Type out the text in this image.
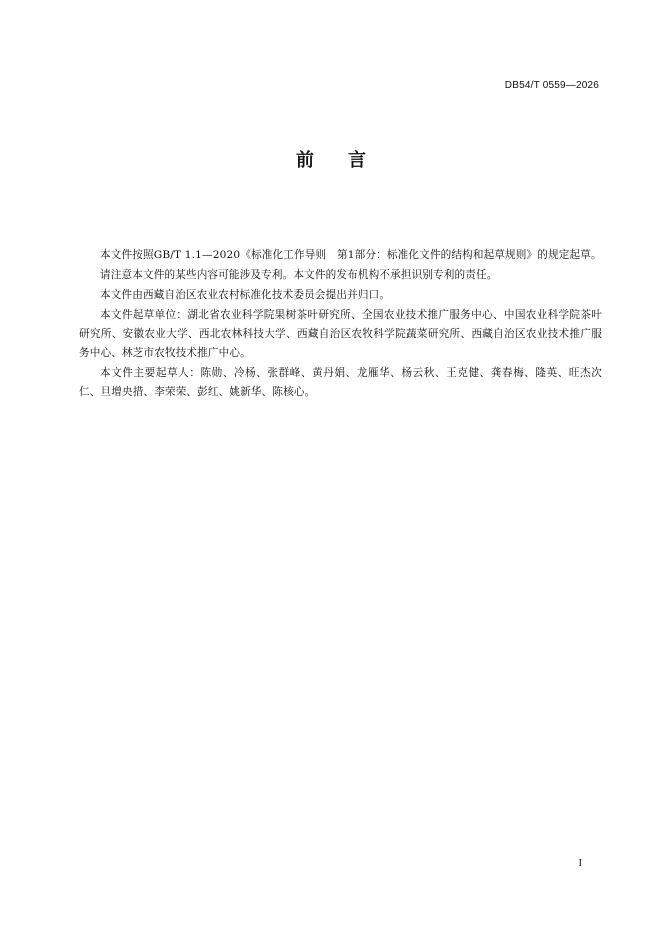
DB54/T 0559—2026
前 言

本文件按照GB/T 1.1—2020《标准化工作导则　第1部分：标准化文件的结构和起草规则》的规定起草。

请注意本文件的某些内容可能涉及专利。本文件的发布机构不承担识别专利的责任。

本文件由西藏自治区农业农村标准化技术委员会提出并归口。

本文件起草单位：湖北省农业科学院果树茶叶研究所、全国农业技术推广服务中心、中国农业科学院茶叶研究所、安徽农业大学、西北农林科技大学、西藏自治区农牧科学院蔬菜研究所、西藏自治区农业技术推广服务中心、林芝市农牧技术推广中心。

本文件主要起草人：陈勋、冷杨、张群峰、黄丹娟、龙雁华、杨云秋、王克健、龚春梅、隆英、旺杰次仁、旦增央措、李荣荣、彭红、姚新华、陈核心。

I
